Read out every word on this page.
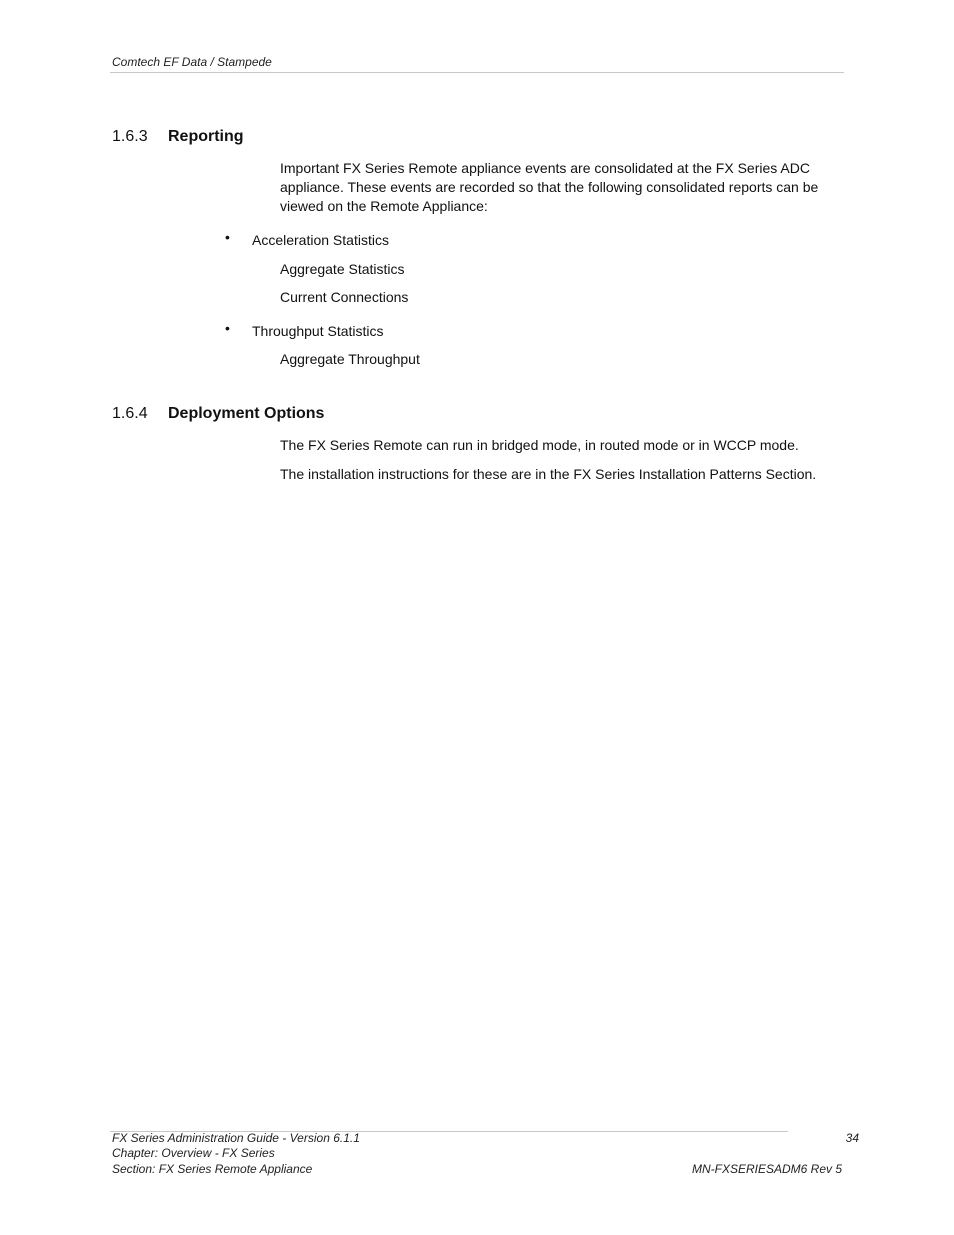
Comtech EF Data / Stampede
1.6.3 Reporting
Important FX Series Remote appliance events are consolidated at the FX Series ADC appliance. These events are recorded so that the following consolidated reports can be viewed on the Remote Appliance:
• Acceleration Statistics
Aggregate Statistics
Current Connections
• Throughput Statistics
Aggregate Throughput
1.6.4 Deployment Options
The FX Series Remote can run in bridged mode, in routed mode or in WCCP mode.
The installation instructions for these are in the FX Series Installation Patterns Section.
FX Series Administration Guide - Version 6.1.1
Chapter: Overview - FX Series
Section: FX Series Remote Appliance
34
MN-FXSERIESADM6 Rev 5
